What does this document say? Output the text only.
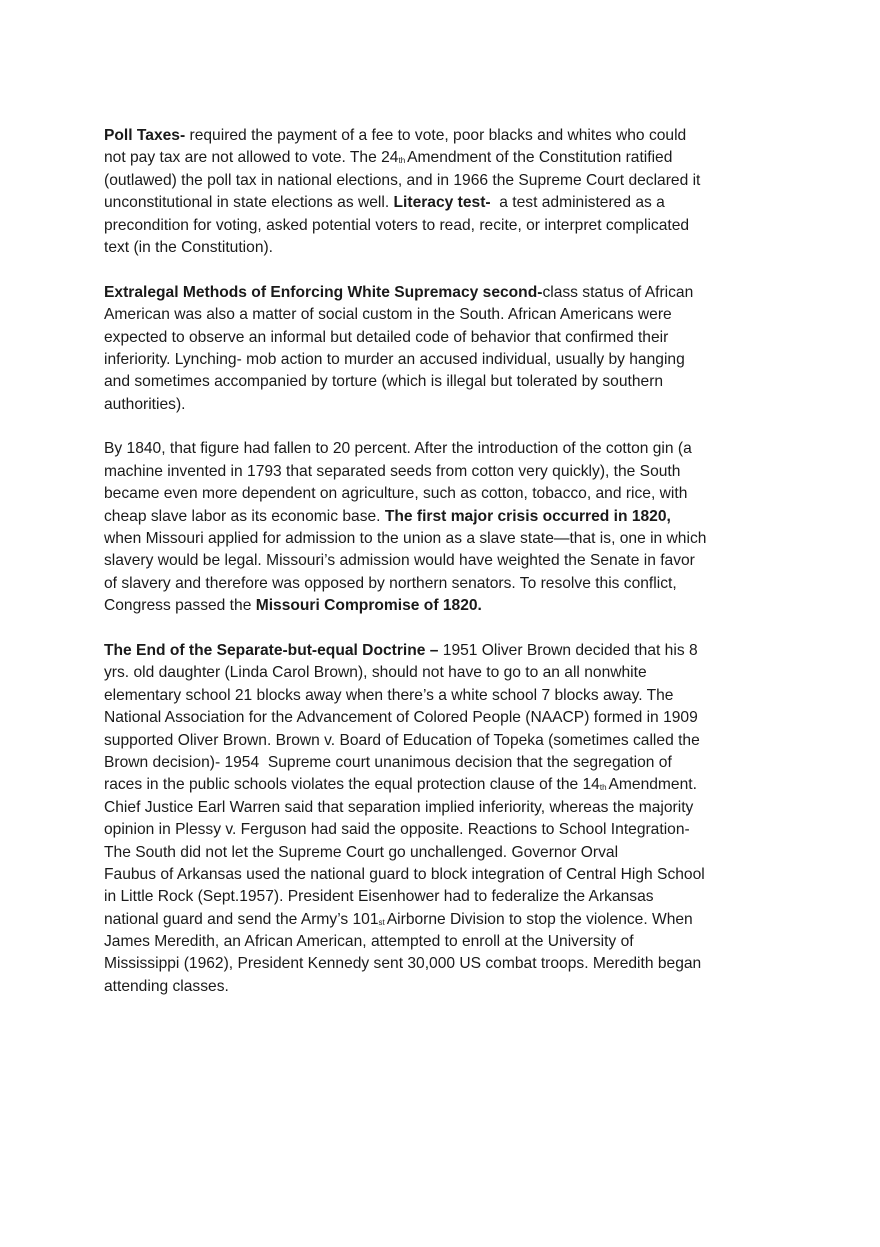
Poll Taxes- required the payment of a fee to vote, poor blacks and whites who could
not pay tax are not allowed to vote. The $24_{th}$ Amendment of the Constitution ratified
(outlawed) the poll tax in national elections, and in 1966 the Supreme Court declared it
unconstitutional in state elections as well. Literacy test-  a test administered as a
precondition for voting, asked potential voters to read, recite, or interpret complicated
text (in the Constitution).
Extralegal Methods of Enforcing White Supremacy second-class status of African
American was also a matter of social custom in the South. African Americans were
expected to observe an informal but detailed code of behavior that confirmed their
inferiority. Lynching- mob action to murder an accused individual, usually by hanging
and sometimes accompanied by torture (which is illegal but tolerated by southern
authorities).
By 1840, that figure had fallen to 20 percent. After the introduction of the cotton gin (a
machine invented in 1793 that separated seeds from cotton very quickly), the South
became even more dependent on agriculture, such as cotton, tobacco, and rice, with
cheap slave labor as its economic base. The first major crisis occurred in 1820,
when Missouri applied for admission to the union as a slave state—that is, one in which
slavery would be legal. Missouri’s admission would have weighted the Senate in favor
of slavery and therefore was opposed by northern senators. To resolve this conflict,
Congress passed the Missouri Compromise of 1820.
The End of the Separate-but-equal Doctrine – 1951 Oliver Brown decided that his 8
yrs. old daughter (Linda Carol Brown), should not have to go to an all nonwhite
elementary school 21 blocks away when there’s a white school 7 blocks away. The
National Association for the Advancement of Colored People (NAACP) formed in 1909
supported Oliver Brown. Brown v. Board of Education of Topeka (sometimes called the
Brown decision)- 1954  Supreme court unanimous decision that the segregation of
races in the public schools violates the equal protection clause of the $14_{th}$ Amendment.
Chief Justice Earl Warren said that separation implied inferiority, whereas the majority
opinion in Plessy v. Ferguson had said the opposite. Reactions to School Integration-
The South did not let the Supreme Court go unchallenged. Governor Orval
Faubus of Arkansas used the national guard to block integration of Central High School
in Little Rock (Sept.1957). President Eisenhower had to federalize the Arkansas
national guard and send the Army’s $101_{st}$ Airborne Division to stop the violence. When
James Meredith, an African American, attempted to enroll at the University of
Mississippi (1962), President Kennedy sent 30,000 US combat troops. Meredith began
attending classes.
